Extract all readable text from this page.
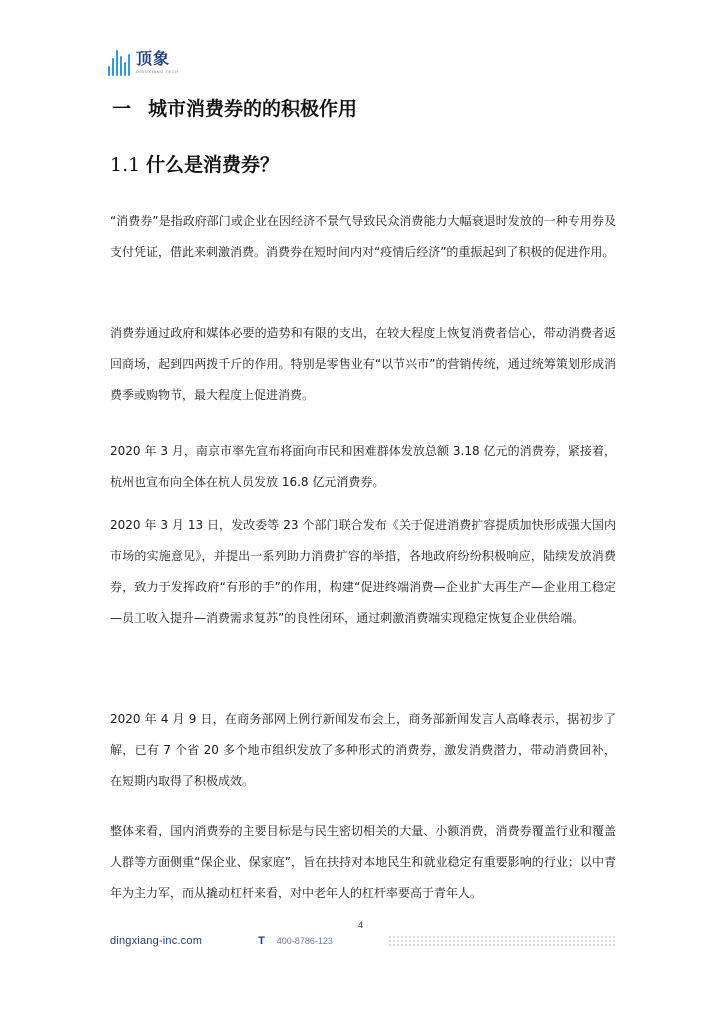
顶象
DINGXIANG TECH
一 城市消费券的的积极作用
1.1 什么是消费券？

“消费券”是指政府部门或企业在因经济不景气导致民众消费能力大幅衰退时发放的一种专用券及支付凭证，借此来刺激消费。消费券在短时间内对“疫情后经济”的重振起到了积极的促进作用。

消费券通过政府和媒体必要的造势和有限的支出，在较大程度上恢复消费者信心，带动消费者返回商场，起到四两拨千斤的作用。特别是零售业有“以节兴市”的营销传统，通过统筹策划形成消费季或购物节，最大程度上促进消费。

2020 年 3 月，南京市率先宣布将面向市民和困难群体发放总额 3.18 亿元的消费券，紧接着，杭州也宣布向全体在杭人员发放 16.8 亿元消费券。

2020 年 3 月 13 日，发改委等 23 个部门联合发布《关于促进消费扩容提质加快形成强大国内市场的实施意见》，并提出一系列助力消费扩容的举措，各地政府纷纷积极响应，陆续发放消费券，致力于发挥政府“有形的手”的作用，构建“促进终端消费—企业扩大再生产—企业用工稳定—员工收入提升—消费需求复苏”的良性闭环，通过刺激消费端实现稳定恢复企业供给端。

2020 年 4 月 9 日，在商务部网上例行新闻发布会上，商务部新闻发言人高峰表示，据初步了解，已有 7 个省 20 多个地市组织发放了多种形式的消费券，激发消费潜力，带动消费回补，在短期内取得了积极成效。

整体来看，国内消费券的主要目标是与民生密切相关的大量、小额消费，消费券覆盖行业和覆盖人群等方面侧重“保企业、保家庭”，旨在扶持对本地民生和就业稳定有重要影响的行业；以中青年为主力军，而从撬动杠杆来看，对中老年人的杠杆率要高于青年人。

4
dingxiang-inc.com	T 400-8786-123
